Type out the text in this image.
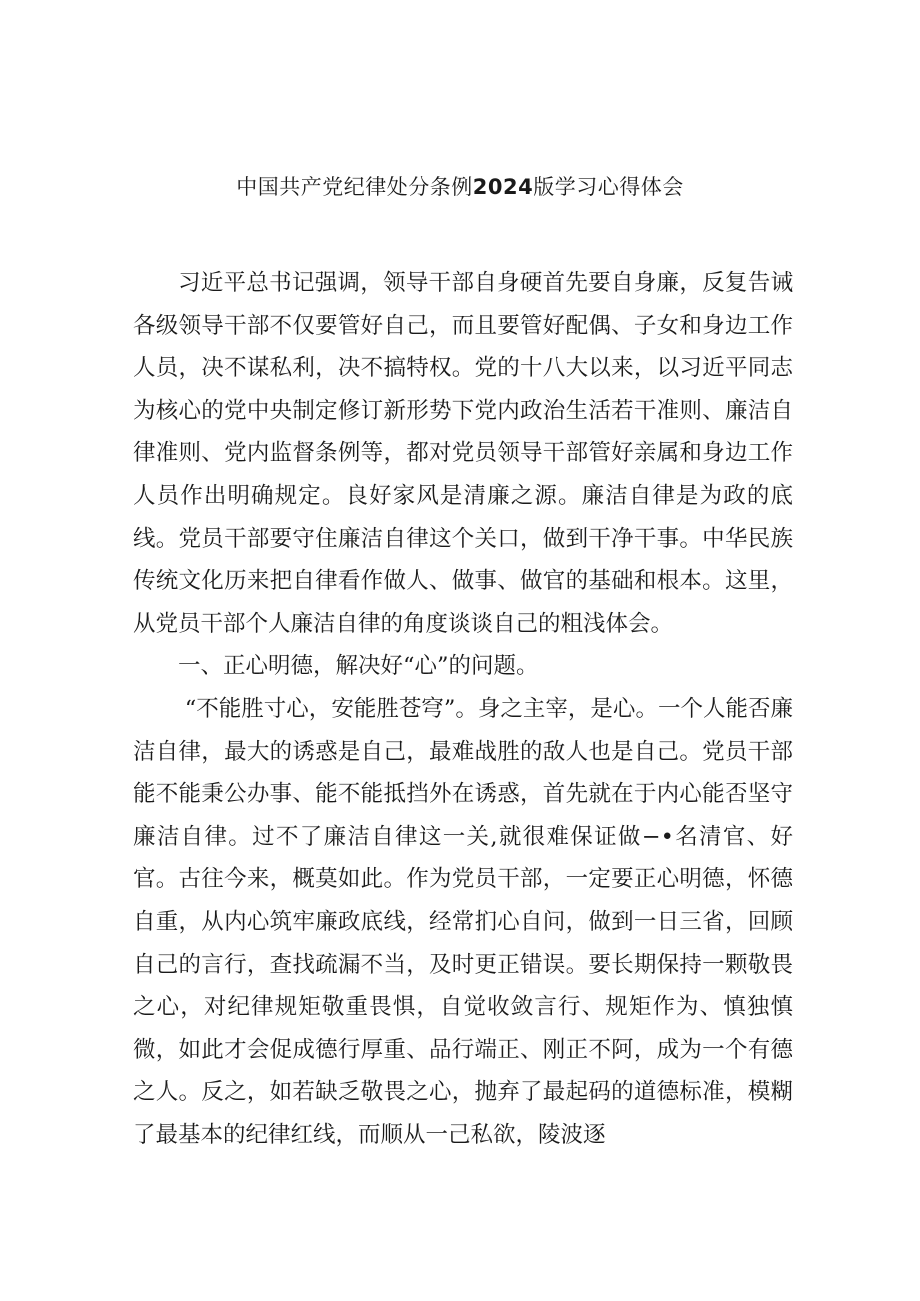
中国共产党纪律处分条例2024版学习心得体会

习近平总书记强调，领导干部自身硬首先要自身廉，反复告诫各级领导干部不仅要管好自己，而且要管好配偶、子女和身边工作人员，决不谋私利，决不搞特权。党的十八大以来，以习近平同志为核心的党中央制定修订新形势下党内政治生活若干准则、廉洁自律准则、党内监督条例等，都对党员领导干部管好亲属和身边工作人员作出明确规定。良好家风是清廉之源。廉洁自律是为政的底线。党员干部要守住廉洁自律这个关口，做到干净干事。中华民族传统文化历来把自律看作做人、做事、做官的基础和根本。这里，从党员干部个人廉洁自律的角度谈谈自己的粗浅体会。

一、正心明德，解决好“心”的问题。

“不能胜寸心，安能胜苍穹”。身之主宰，是心。一个人能否廉洁自律，最大的诱惑是自己，最难战胜的敌人也是自己。党员干部能不能秉公办事、能不能抵挡外在诱惑，首先就在于内心能否坚守廉洁自律。过不了廉洁自律这一关,就很难保证做−•名清官、好官。古往今来，概莫如此。作为党员干部，一定要正心明德，怀德自重，从内心筑牢廉政底线，经常扪心自问，做到一日三省，回顾自己的言行，查找疏漏不当，及时更正错误。要长期保持一颗敬畏之心，对纪律规矩敬重畏惧，自觉收敛言行、规矩作为、慎独慎微，如此才会促成德行厚重、品行端正、刚正不阿，成为一个有德之人。反之，如若缺乏敬畏之心，抛弃了最起码的道德标准，模糊了最基本的纪律红线，而顺从一己私欲，陵波逐
